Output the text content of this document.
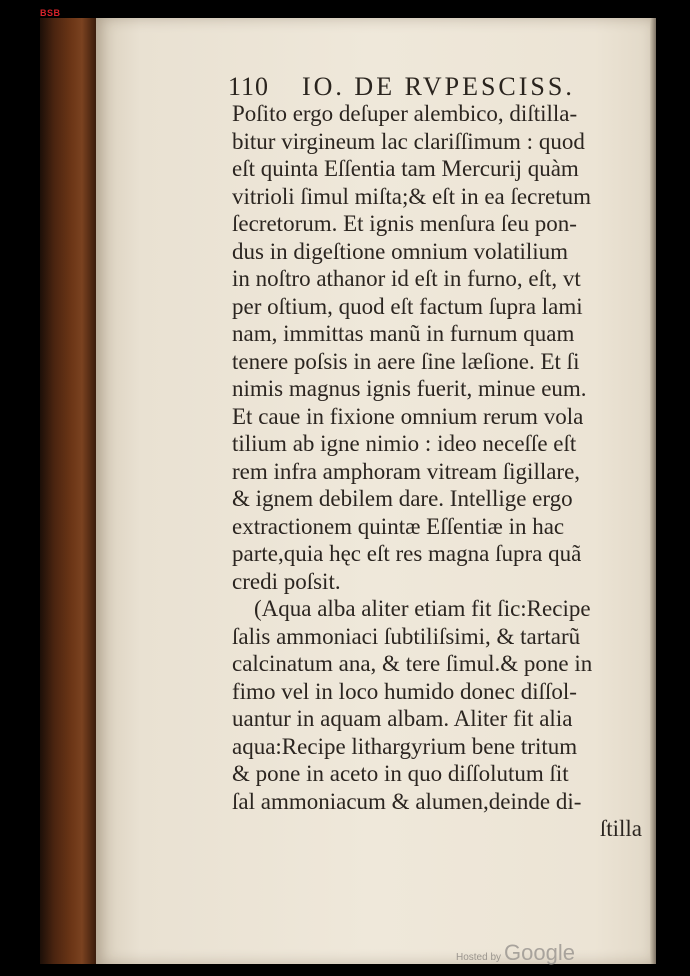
BSB
110 IO. DE RVPESCISS.
Poſito ergo deſuper alembico, diſtilla-
bitur virgineum lac clariſſimum : quod
eſt quinta Eſſentia tam Mercurij quàm
vitrioli ſimul miſta;& eſt in ea ſecretum
ſecretorum. Et ignis menſura ſeu pon-
dus in digeſtione omnium volatilium
in noſtro athanor id eſt in furno, eſt, vt
per oſtium, quod eſt factum ſupra lami
nam, immittas manũ in furnum quam
tenere poſsis in aere ſine læſione. Et ſi
nimis magnus ignis fuerit, minue eum.
Et caue in fixione omnium rerum vola
tilium ab igne nimio : ideo neceſſe eſt
rem infra amphoram vitream ſigillare,
& ignem debilem dare. Intellige ergo
extractionem quintæ Eſſentiæ in hac
parte,quia hęc eſt res magna ſupra quã
credi poſsit.
(Aqua alba aliter etiam fit ſic:Recipe
ſalis ammoniaci ſubtiliſsimi, & tartarũ
calcinatum ana, & tere ſimul.& pone in
fimo vel in loco humido donec diſſol-
uantur in aquam albam. Aliter fit alia
aqua:Recipe lithargyrium bene tritum
& pone in aceto in quo diſſolutum ſit
ſal ammoniacum & alumen,deinde di-
ſtilla
Hosted by Google
